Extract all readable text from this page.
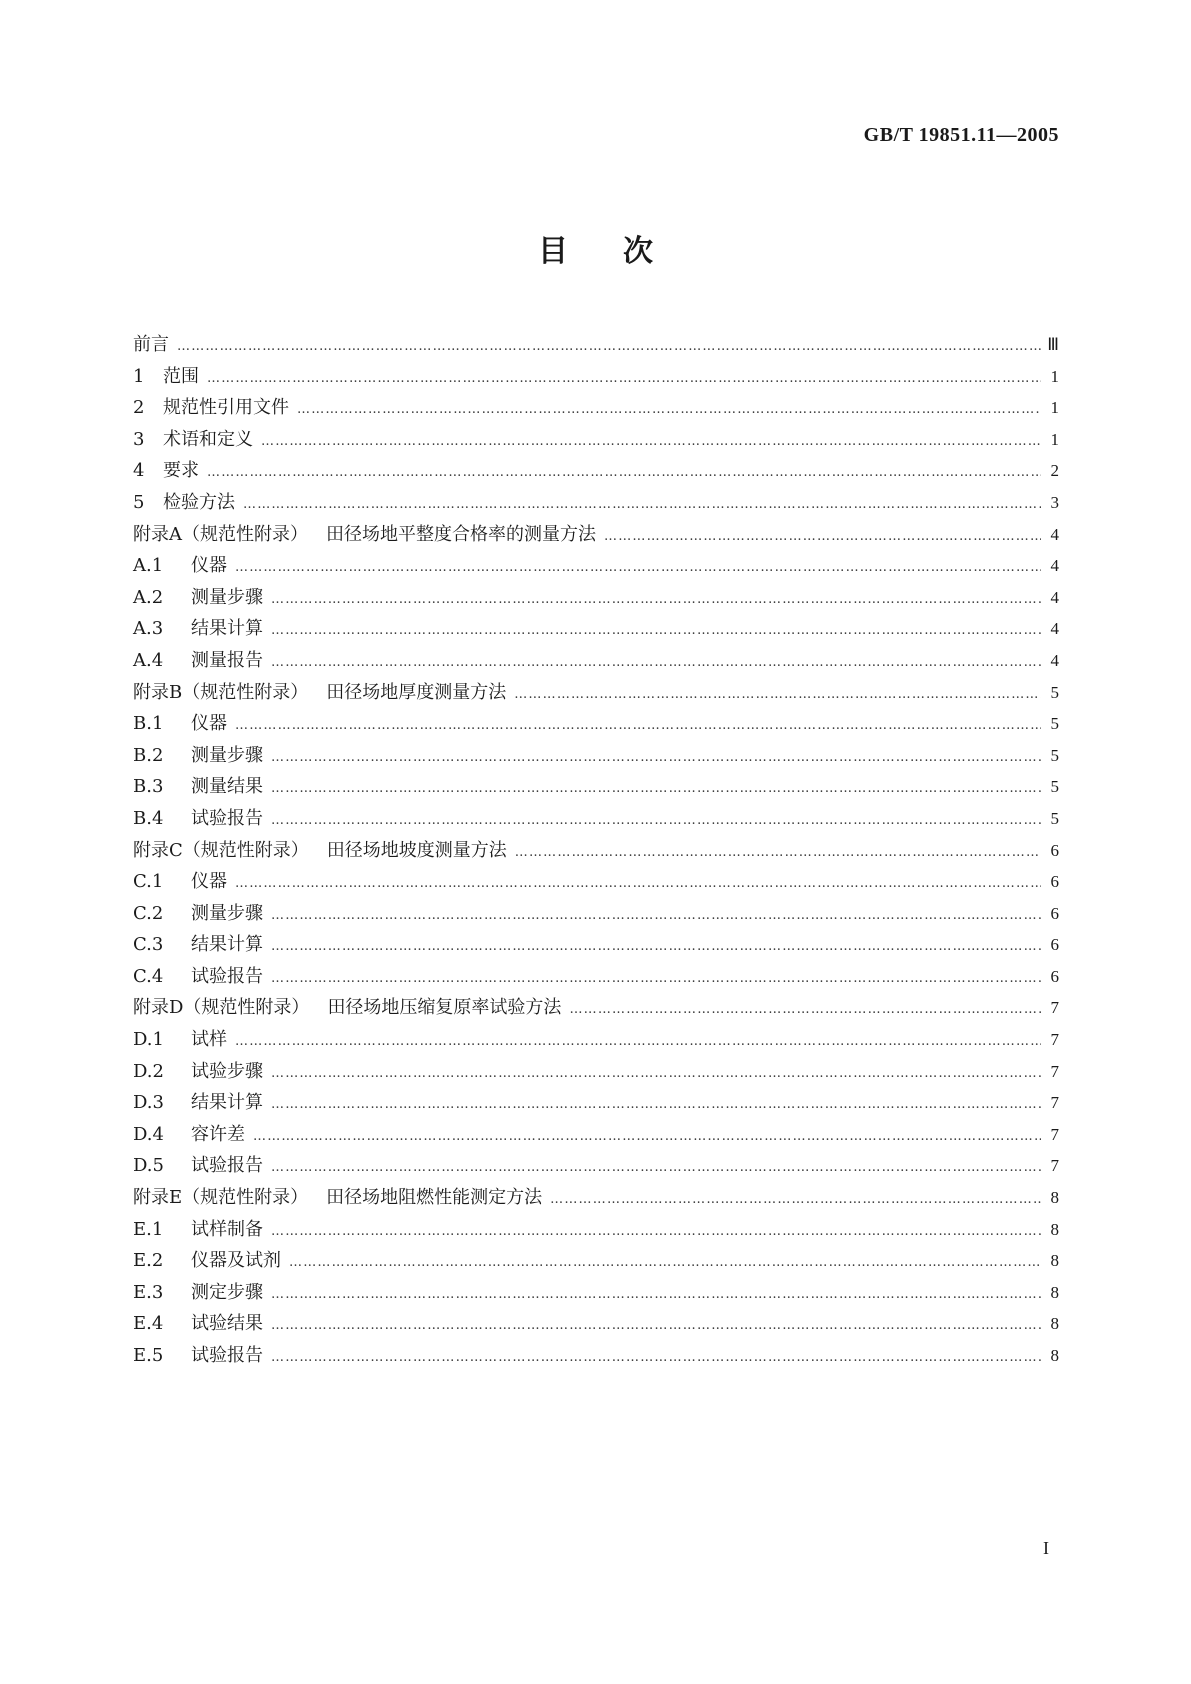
GB/T 19851.11—2005
目次
前言 …………………………………………………………………………………………………………………………………………………………………………………………………………	Ⅲ
1 范围 …………………………………………………………………………………………………………………………………………………………………………………………………………	1
2 规范性引用文件 …………………………………………………………………………………………………………………………………………………………………………………………………………	1
3 术语和定义 …………………………………………………………………………………………………………………………………………………………………………………………………………	1
4 要求 …………………………………………………………………………………………………………………………………………………………………………………………………………	2
5 检验方法 …………………………………………………………………………………………………………………………………………………………………………………………………………	3
附录A（规范性附录） 田径场地平整度合格率的测量方法 …………………………………………………………………………………………………………………………………………………………………………………………………………	4
A.1 仪器 …………………………………………………………………………………………………………………………………………………………………………………………………………	4
A.2 测量步骤 …………………………………………………………………………………………………………………………………………………………………………………………………………	4
A.3 结果计算 …………………………………………………………………………………………………………………………………………………………………………………………………………	4
A.4 测量报告 …………………………………………………………………………………………………………………………………………………………………………………………………………	4
附录B（规范性附录） 田径场地厚度测量方法 …………………………………………………………………………………………………………………………………………………………………………………………………………	5
B.1 仪器 …………………………………………………………………………………………………………………………………………………………………………………………………………	5
B.2 测量步骤 …………………………………………………………………………………………………………………………………………………………………………………………………………	5
B.3 测量结果 …………………………………………………………………………………………………………………………………………………………………………………………………………	5
B.4 试验报告 …………………………………………………………………………………………………………………………………………………………………………………………………………	5
附录C（规范性附录） 田径场地坡度测量方法 …………………………………………………………………………………………………………………………………………………………………………………………………………	6
C.1 仪器 …………………………………………………………………………………………………………………………………………………………………………………………………………	6
C.2 测量步骤 …………………………………………………………………………………………………………………………………………………………………………………………………………	6
C.3 结果计算 …………………………………………………………………………………………………………………………………………………………………………………………………………	6
C.4 试验报告 …………………………………………………………………………………………………………………………………………………………………………………………………………	6
附录D（规范性附录） 田径场地压缩复原率试验方法 …………………………………………………………………………………………………………………………………………………………………………………………………………	7
D.1 试样 …………………………………………………………………………………………………………………………………………………………………………………………………………	7
D.2 试验步骤 …………………………………………………………………………………………………………………………………………………………………………………………………………	7
D.3 结果计算 …………………………………………………………………………………………………………………………………………………………………………………………………………	7
D.4 容许差 …………………………………………………………………………………………………………………………………………………………………………………………………………	7
D.5 试验报告 …………………………………………………………………………………………………………………………………………………………………………………………………………	7
附录E（规范性附录） 田径场地阻燃性能测定方法 …………………………………………………………………………………………………………………………………………………………………………………………………………	8
E.1 试样制备 …………………………………………………………………………………………………………………………………………………………………………………………………………	8
E.2 仪器及试剂 …………………………………………………………………………………………………………………………………………………………………………………………………………	8
E.3 测定步骤 …………………………………………………………………………………………………………………………………………………………………………………………………………	8
E.4 试验结果 …………………………………………………………………………………………………………………………………………………………………………………………………………	8
E.5 试验报告 …………………………………………………………………………………………………………………………………………………………………………………………………………	8
I
